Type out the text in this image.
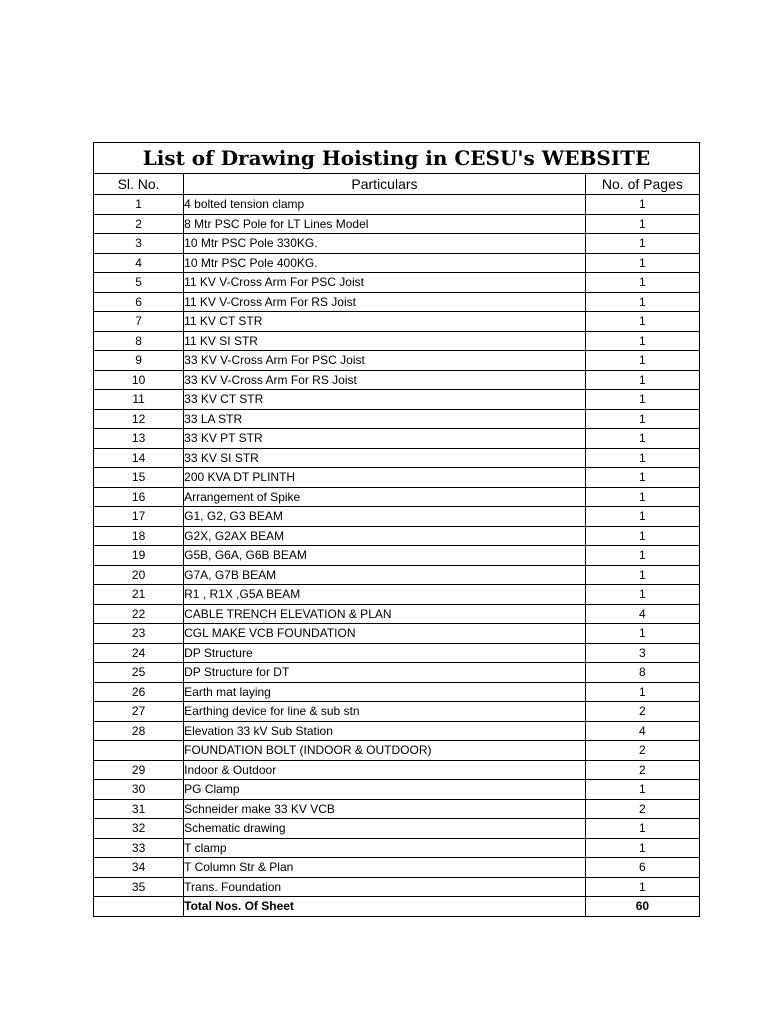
List of Drawing Hoisting in CESU's WEBSITE		
Sl. No.	Particulars	No. of Pages
1	4 bolted tension clamp	1
2	8 Mtr PSC Pole for LT Lines Model	1
3	10 Mtr PSC Pole 330KG.	1
4	10 Mtr PSC Pole 400KG.	1
5	11 KV V-Cross Arm For PSC Joist	1
6	11 KV V-Cross Arm For RS Joist	1
7	11 KV CT STR	1
8	11 KV SI STR	1
9	33 KV V-Cross Arm For PSC Joist	1
10	33 KV V-Cross Arm For RS Joist	1
11	33 KV CT STR	1
12	33 LA STR	1
13	33 KV PT STR	1
14	33 KV SI STR	1
15	200 KVA DT PLINTH	1
16	Arrangement of Spike	1
17	G1, G2, G3 BEAM	1
18	G2X, G2AX BEAM	1
19	G5B, G6A, G6B BEAM	1
20	G7A, G7B BEAM	1
21	R1 , R1X ,G5A BEAM	1
22	CABLE TRENCH ELEVATION & PLAN	4
23	CGL MAKE VCB FOUNDATION	1
24	DP Structure	3
25	DP Structure for DT	8
26	Earth mat laying	1
27	Earthing device for line & sub stn	2
28	Elevation 33 kV Sub Station	4
	FOUNDATION BOLT (INDOOR & OUTDOOR)	2
29	Indoor & Outdoor	2
30	PG Clamp	1
31	Schneider make 33 KV VCB	2
32	Schematic drawing	1
33	T clamp	1
34	T Column Str & Plan	6
35	Trans. Foundation	1
	Total Nos. Of Sheet	60
